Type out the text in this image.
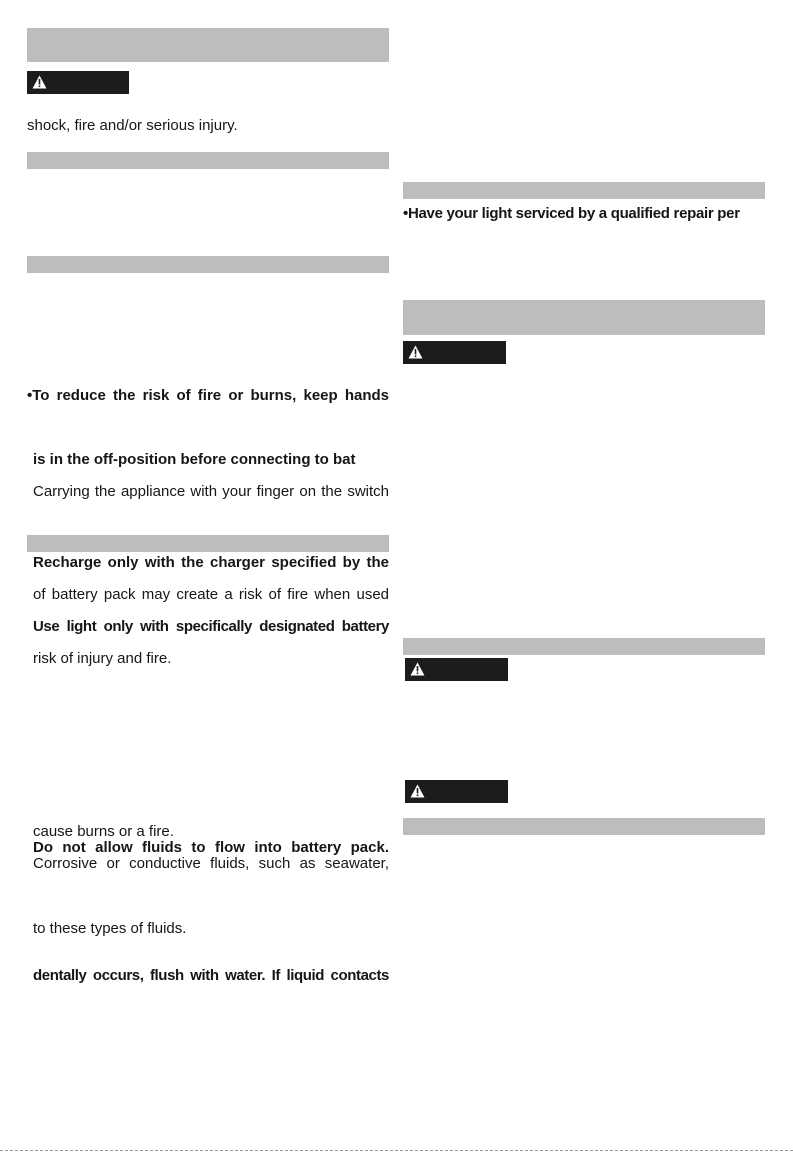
shock, fire and/or serious injury.
•To reduce the risk of fire or burns, keep hands
is in the off-position before connecting to bat
Carrying the appliance with your finger on the switch
Recharge only with the charger specified by the
of battery pack may create a risk of fire when used
Use light only with specifically designated battery
risk of injury and fire.
cause burns or a fire.
Do not allow fluids to flow into battery pack.
Corrosive or conductive fluids, such as seawater,
to these types of fluids.
dentally occurs, flush with water. If liquid contacts
•Have your light serviced by a qualified repair per
